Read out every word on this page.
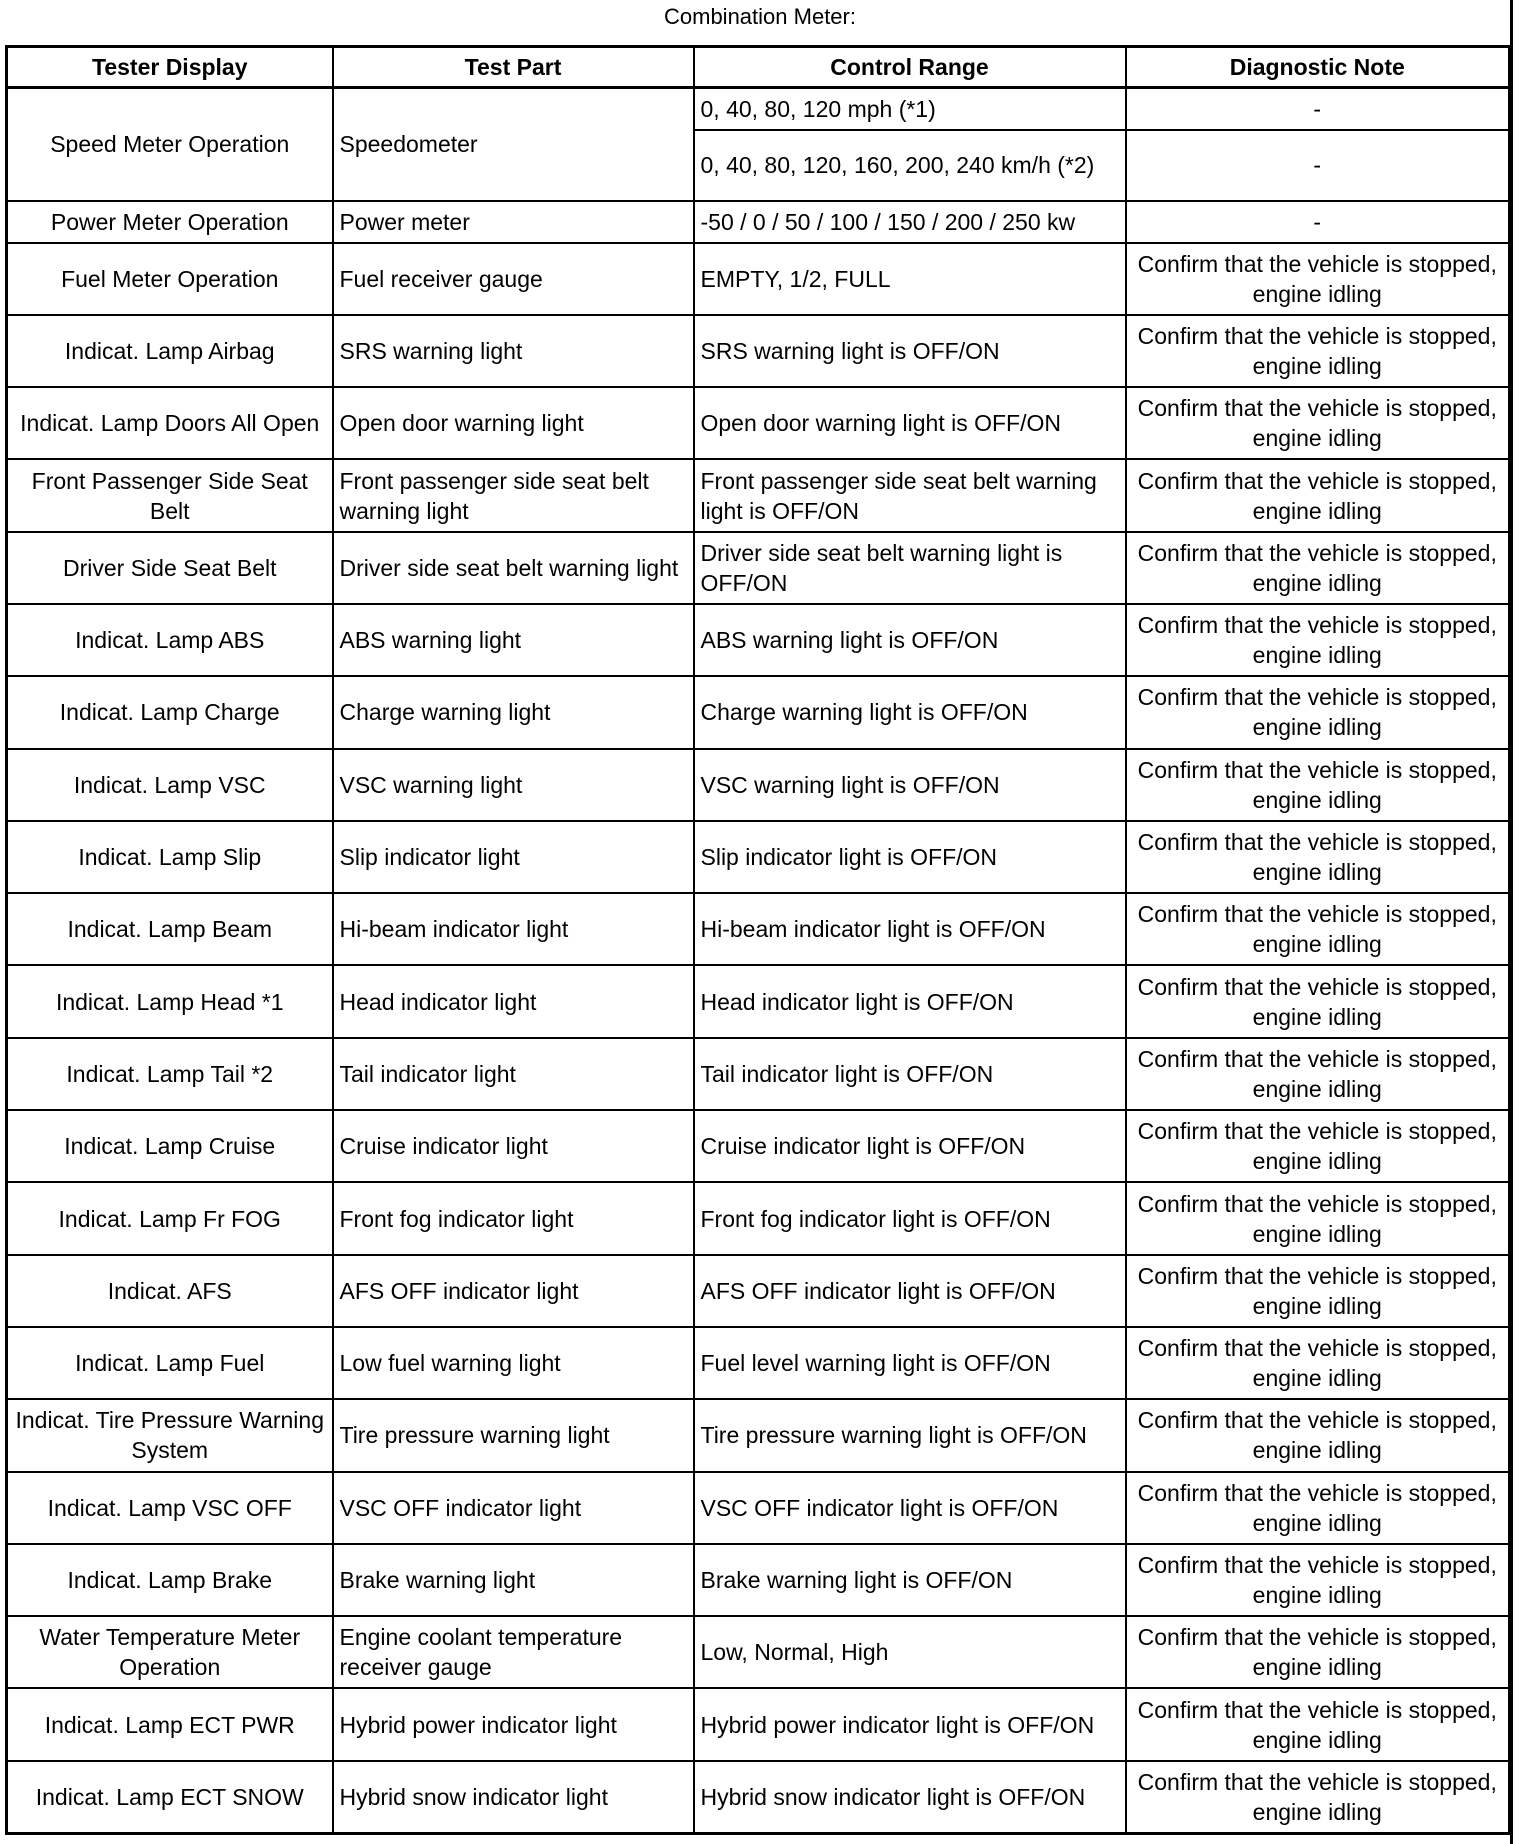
Combination Meter:
Tester Display	Test Part	Control Range	Diagnostic Note
Speed Meter Operation	Speedometer	0, 40, 80, 120 mph (*1)	-
		0, 40, 80, 120, 160, 200, 240 km/h (*2)	-
Power Meter Operation	Power meter	-50 / 0 / 50 / 100 / 150 / 200 / 250 kw	-
Fuel Meter Operation	Fuel receiver gauge	EMPTY, 1/2, FULL	Confirm that the vehicle is stopped, engine idling
Indicat. Lamp Airbag	SRS warning light	SRS warning light is OFF/ON	Confirm that the vehicle is stopped, engine idling
Indicat. Lamp Doors All Open	Open door warning light	Open door warning light is OFF/ON	Confirm that the vehicle is stopped, engine idling
Front Passenger Side Seat Belt	Front passenger side seat belt warning light	Front passenger side seat belt warning light is OFF/ON	Confirm that the vehicle is stopped, engine idling
Driver Side Seat Belt	Driver side seat belt warning light	Driver side seat belt warning light is OFF/ON	Confirm that the vehicle is stopped, engine idling
Indicat. Lamp ABS	ABS warning light	ABS warning light is OFF/ON	Confirm that the vehicle is stopped, engine idling
Indicat. Lamp Charge	Charge warning light	Charge warning light is OFF/ON	Confirm that the vehicle is stopped, engine idling
Indicat. Lamp VSC	VSC warning light	VSC warning light is OFF/ON	Confirm that the vehicle is stopped, engine idling
Indicat. Lamp Slip	Slip indicator light	Slip indicator light is OFF/ON	Confirm that the vehicle is stopped, engine idling
Indicat. Lamp Beam	Hi-beam indicator light	Hi-beam indicator light is OFF/ON	Confirm that the vehicle is stopped, engine idling
Indicat. Lamp Head *1	Head indicator light	Head indicator light is OFF/ON	Confirm that the vehicle is stopped, engine idling
Indicat. Lamp Tail *2	Tail indicator light	Tail indicator light is OFF/ON	Confirm that the vehicle is stopped, engine idling
Indicat. Lamp Cruise	Cruise indicator light	Cruise indicator light is OFF/ON	Confirm that the vehicle is stopped, engine idling
Indicat. Lamp Fr FOG	Front fog indicator light	Front fog indicator light is OFF/ON	Confirm that the vehicle is stopped, engine idling
Indicat. AFS	AFS OFF indicator light	AFS OFF indicator light is OFF/ON	Confirm that the vehicle is stopped, engine idling
Indicat. Lamp Fuel	Low fuel warning light	Fuel level warning light is OFF/ON	Confirm that the vehicle is stopped, engine idling
Indicat. Tire Pressure Warning System	Tire pressure warning light	Tire pressure warning light is OFF/ON	Confirm that the vehicle is stopped, engine idling
Indicat. Lamp VSC OFF	VSC OFF indicator light	VSC OFF indicator light is OFF/ON	Confirm that the vehicle is stopped, engine idling
Indicat. Lamp Brake	Brake warning light	Brake warning light is OFF/ON	Confirm that the vehicle is stopped, engine idling
Water Temperature Meter Operation	Engine coolant temperature receiver gauge	Low, Normal, High	Confirm that the vehicle is stopped, engine idling
Indicat. Lamp ECT PWR	Hybrid power indicator light	Hybrid power indicator light is OFF/ON	Confirm that the vehicle is stopped, engine idling
Indicat. Lamp ECT SNOW	Hybrid snow indicator light	Hybrid snow indicator light is OFF/ON	Confirm that the vehicle is stopped, engine idling
